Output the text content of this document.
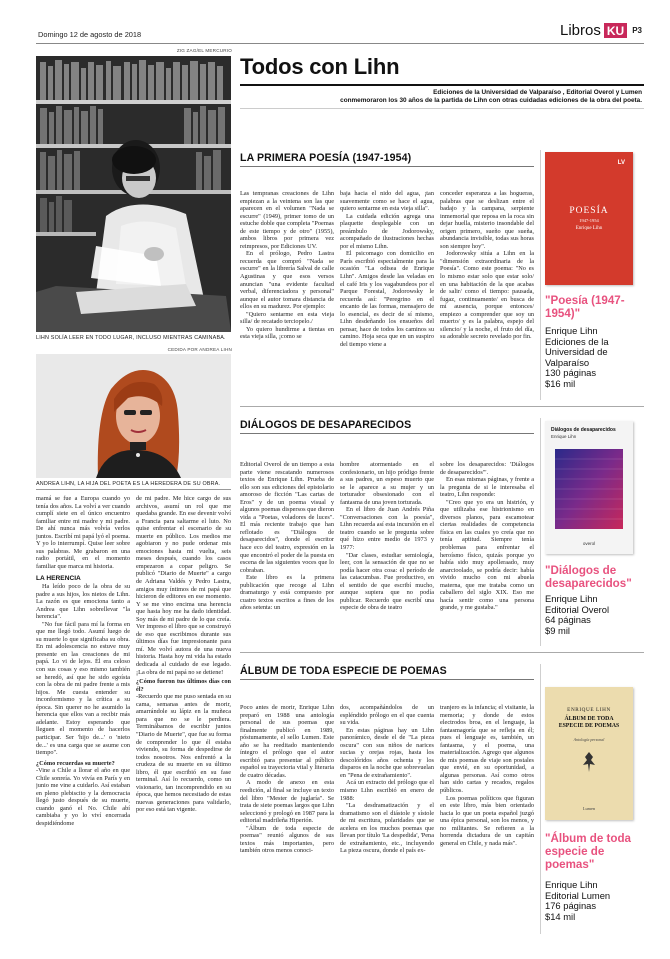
Domingo 12 de agosto de 2018	Libros KU	P3
ZIG ZAG/EL MERCURIO
LIHN SOLÍA LEER EN TODO LUGAR, INCLUSO MIENTRAS CAMINABA.
CEDIDA POR ANDREA LIHN
ANDREA LIHN, LA HIJA DEL POETA ES LA HEREDERA DE SU OBRA.

mamá se fue a Europa cuando yo tenía dos años. La volví a ver cuando cumplí siete en el único encuentro familiar entre mi madre y mi padre. De ahí nunca más volvía verlos juntos. Escribí mi papá lyó el poema. Y yo lo interrumpí. Quise leer sobre sus palabras. Me grabaron en una radio portátil, en el momento familiar que marca mi historia.

LA HERENCIA

Ha leído poco de la obra de su padre a sus hijos, los nietos de Lihn. La razón es que emociona tanto a Andrea que Lihn sobrellevar "la herencia".

"No fue fácil para mí la forma en que me llegó todo. Asumí luego de su muerte lo que significaba su obra. En mi adolescencia no estuve muy presente en las creaciones de mi papá. Lo vi de lejos. Él era celoso con sus cosas y eso mismo también se heredó, así que he sido egoísta con la obra de mi padre frente a mis hijos. Me cuesta entender su inconformismo y la crítica a su época. Sin querer no he asumido la herencia que ellos van a recibir más adelante. Estoy esperando que lleguen el momento de hacerlos participar. Ser 'hijo de...' o 'nieto de...' es una carga que se asume con tiempo".

¿Cómo recuerdas su muerte?

-Vine a Chile a llorar el año en que Chile sonreía. Yo vivía en París y en junio me vine a cuidarlo. Así estaban en pleno plebiscito y la democracia llegó justo después de su muerte, cuando ganó el No. Chile abí cambiaba y yo lo viví encerrada despidiéndome

de mi padre. Me hice cargo de sus archivos, asumí un rol que me quedaba grande. En ese devenir volví a Francia para saltarme el luto. No quise enfrentar el escenario de su muerte en público. Los medios me agobiaron y no pude ordenar mis emociones hasta mi vuelta, seis meses después, cuando los casos empezaron a copar peligro. Se publicó "Diario de Muerte" a cargo de Adriana Valdés y Pedro Lastra, amigos muy íntimos de mi papá que hicieron de editores en ese momento. Y se me vino encima una herencia que hasta hoy me ha dado identidad. Soy más de mi padre de lo que creía. Ver impreso el libro que se construyó de eso que escribimos durante sus últimos días fue impresionante para mí. Me volví autora de una nueva historia. Hasta hoy mi vida ha estado dedicada al cuidado de ese legado. ¡La obra de mi papá no se detiene!

¿Cómo fueron tus últimos días con él?

-Recuerdo que me puso sentada en su cama, semanas antes de morir, amarrándole su lápiz en la muñeca para que no se le perdiera. Terminábamos de escribir juntos "Diario de Muerte", que fue su forma de comprender lo que él estaba viviendo, su forma de despedirse de todos nosotros. Nos enfrentó a la crudeza de su muerte en su último libro, él que escribió en su fase terminal. Así lo recuerdo, como un visionario, tan incomprendido en su época, que hemos necesitado de estas nuevas generaciones para validarlo, por eso está tan vigente.

Todos con Lihn
Ediciones de la Universidad de Valparaíso , Editorial Overol y Lumen
conmemoraron los 30 años de la partida de Lihn con otras cuidadas ediciones de la obra del poeta.
LA PRIMERA POESÍA (1947-1954)

Las tempranas creaciones de Lihn empiezan a la veintena son las que aparecen en el volumen "Nada se escurre" (1949), primer tomo de un estuche doble que completa "Poemas de este tiempo y de otro" (1955), ambos libros por primera vez reimpresos, por Ediciones UV.

En el prólogo, Pedro Lastra recuerda que compró "Nada se escurre" en la librería Salval de calle Agustinas y que esos versos anuncian "una evidente facultad verbal, diferenciadora y personal" aunque el autor tomara distancia de ellos en su madurez. Por ejemplo:

"Quiero sentarme en esta vieja silla/ de recatado terciopelo./

Yo quiero hundirme a tientas en esta vieja silla, ¡como se

baja hacia el nido del agua, ¡tan suavemente como se hace el agua, quiero sentarme en esta vieja silla".

La cuidada edición agrega una plaquette desplegable con un preámbulo de Jodorowsky, acompañado de ilustraciones hechas por el mismo Lihn.

El psicomago con domicilio en París escribió especialmente para la ocasión "La odisea de Enrique Lihn". Amigos desde las veladas en el café Iris y los vagabundeos por el Parque Forestal, Jodorowsky le recuerda así: "Peregrino en el encanto de las formas, mensajero de lo esencial, es decir de sí mismo, Lihn desdeñando los ensueños del pensar, hace de todos los caminos su camino. Hoja seca que en un suspiro del tiempo viene a

conceder esperanza a las hogueras, palabras que se deslizan entre el badajo y la campana, serpiente inmemorial que reposa en la roca sin dejar huella, misterio insondable del origen primero, sueño que sueña, abundancia invisible, todas sus horas son siempre hoy".

Jodorowsky sitúa a Lihn en la "dimensión extraordinaria de la Poesía". Como este poema: "No es lo mismo estar solo que estar solo/ en una habitación de la que acabas de salir/ como el tiempo: pausada, fugaz, continuamente/ en busca de mí ausencia, porque entonces/ empiezo a comprender que soy un muerto/ y es la palabra, espejo del silencio/ y la noche, el fruto del día, su adorable secreto revelado por fin.

LV
POESÍA
1947-1954
Enrique Lihn
"Poesía (1947-1954)"
Enrique Lihn
Ediciones de la
Universidad de
Valparaíso
130 páginas
$16 mil
DIÁLOGOS DE DESAPARECIDOS

Editorial Overol de un tiempo a esta parte viene rescatando numerosos textos de Enrique Lihn. Prueba de ello son sus ediciones del epistolario amoroso de ficción "Las cartas de Eros" y de un poema visual y algunos poemas dispersos que dieron vida a "Poetas, voladores de luces". El más reciente trabajo que han reflotado es "Diálogos de desaparecidos", donde el escritor hace eco del teatro, expresión en la que encontró el poder de la puesta en escena de las siguientes voces que lo cobraban.

Este libro es la primera publicación que recoge al Lihn dramaturgo y está compuesto por cuatro textos escritos a fines de los años setenta: un

hombre atormentado en el confesionario, un hijo pródigo frente a sus padres, un espeso muerto que se le aparece a su mujer y un torturador obsesionado con el fantasma de una joven torturada.

En el libro de Juan Andrés Piña "Conversaciones con la poesía", Lihn recuerda así esta incursión en el teatro cuando se le pregunta sobre qué hizo entre medio de 1973 y 1977:

"Dar clases, estudiar semiología, leer, con la sensación de que no se podía hacer otra cosa: el período de las catacumbas. Fue productivo, en el sentido de que escribí mucho, aunque supiera que no podía publicar. Recuerdo que escribí una especie de obra de teatro

sobre los desaparecidos: 'Diálogos de desaparecidos'".

En esas mismas páginas, y frente a la pregunta de si le interesaba el teatro, Lihn responde:

"Creo que yo era un histrión, y que utilizaba ese histrionismo en diversos planos, para escamotear ciertas realidades de competencia física en las cuales yo creía que no tenía aptitud. Siempre tenía problemas para enfrentar el heroísmo físico, quizás porque yo había sido muy apolleraado, muy anarcioolado, se podría decir: había vivido mucho con mi abuela materna, que me trataba como un caballero del siglo XIX. Eso me hacía sentir como una persona grande, y me gustaba."

Diálogos de desaparecidos
Enrique Lihn
overol
"Diálogos de desaparecidos"
Enrique Lihn
Editorial Overol
64 páginas
$9 mil
ÁLBUM DE TODA ESPECIE DE POEMAS

Poco antes de morir, Enrique Lihn preparó en 1988 una antología personal de sus poemas que finalmente publicó en 1989, póstumamente, el sello Lumen. Este año se ha reeditado manteniendo íntegro el prólogo que el autor escribió para presentar al público español su trayectoria vital y literaria de cuatro décadas.

A modo de anexo en esta reedición, al final se incluye un texto del libro "Mester de juglaría". Se trata de siete poemas largos que Lihn seleccionó y prologó en 1987 para la editorial madrileña Hiperión.

"Álbum de toda especie de poemas" reunió algunos de sus textos más importantes, pero también otros menos conoci-

dos, acompañándolos de un espléndido prólogo en el que cuenta su vida.

En estas páginas hay un Lihn panorámico, desde el de "La pieza oscura" con sus niños de narices sucias y orejas rojas, hasta los descolóridos años ochenta y los disparos en la noche que sobrevuelan en "Pena de extrañamiento".

Acá un extracto del prólogo que el mismo Lihn escribió en enero de 1988:

"La desdramatización y el dramatismo son el diástole y sístole de mi escritura, polaridades que se acelera en los muchos poemas que llevan por título 'La despedida', 'Pena de extrañamiento, etc., incluyendo La pieza oscura, donde el país ex-

tranjero es la infancia; el visitante, la memoria; y donde de estos electrodos broa, en el lenguaje, la fantasmagoría que se refleja en él; pues el lenguaje es, también, un fantasma, y el poema, una materialización. Agrego que algunos de mis poemas de viaje son postales que envié, en su oportunidad, a algunas personas. Así como otros han sido cartas y recados, regalos públicos.

Los poemas políticos que figuran en este libro, más bien orientado hacia lo que un poeta español juzgó una épica personal, son los menos, y no militantes. Se refieren a la horrenda dictadura de un capitán general en Chile, y nada más".

ENRIQUE LIHN
ÁLBUM DE TODA ESPECIE DE POEMAS
Antología personal
Lumen
"Álbum de toda especie de poemas"
Enrique Lihn
Editorial Lumen
176 páginas
$14 mil
